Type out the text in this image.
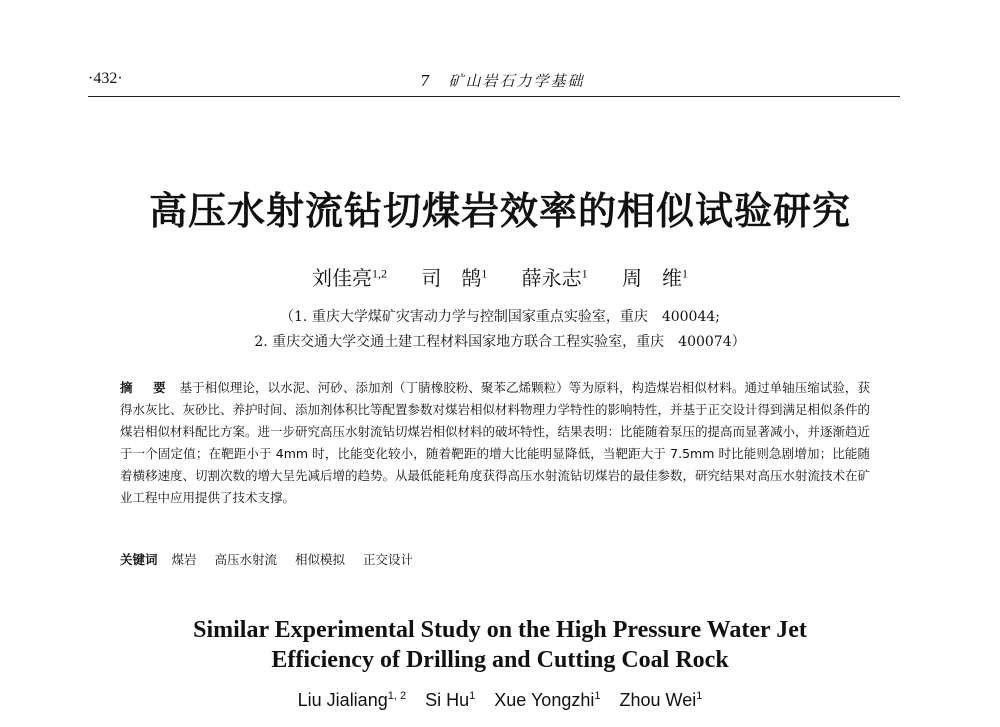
·432·	7　矿山岩石力学基础
高压水射流钻切煤岩效率的相似试验研究
刘佳亮$^{1,2}$ 司　鹄$^1$ 薛永志$^1$ 周　维$^1$
（1. 重庆大学煤矿灾害动力学与控制国家重点实验室，重庆　400044;
2. 重庆交通大学交通土建工程材料国家地方联合工程实验室，重庆　400074）
摘　要 基于相似理论，以水泥、河砂、添加剂（丁腈橡胶粉、聚苯乙烯颗粒）等为原料，构造煤岩相似材料。通过单轴压缩试验，获得水灰比、灰砂比、养护时间、添加剂体积比等配置参数对煤岩相似材料物理力学特性的影响特性，并基于正交设计得到满足相似条件的煤岩相似材料配比方案。进一步研究高压水射流钻切煤岩相似材料的破坏特性，结果表明：比能随着泵压的提高而显著减小，并逐渐趋近于一个固定值；在靶距小于 4mm 时，比能变化较小，随着靶距的增大比能明显降低，当靶距大于 7.5mm 时比能则急剧增加；比能随着横移速度、切割次数的增大呈先减后增的趋势。从最低能耗角度获得高压水射流钻切煤岩的最佳参数，研究结果对高压水射流技术在矿业工程中应用提供了技术支撑。
关键词 煤岩 高压水射流 相似模拟 正交设计
Similar Experimental Study on the High Pressure Water Jet
Efficiency of Drilling and Cutting Coal Rock
Liu Jialiang$^{1, 2}$ Si Hu$^1$ Xue Yongzhi$^1$ Zhou Wei$^1$
